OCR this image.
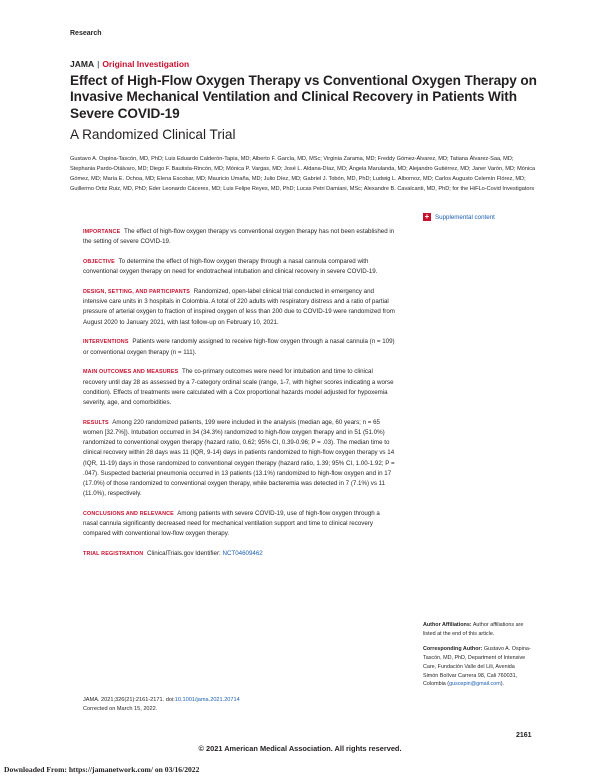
Research
JAMA | Original Investigation
Effect of High-Flow Oxygen Therapy vs Conventional Oxygen Therapy on Invasive Mechanical Ventilation and Clinical Recovery in Patients With Severe COVID-19
A Randomized Clinical Trial

Gustavo A. Ospina-Tascón, MD, PhD; Luis Eduardo Calderón-Tapia, MD; Alberto F. García, MD, MSc; Virginia Zarama, MD; Freddy Gómez-Álvarez, MD; Tatiana Álvarez-Saa, MD; Stephania Pardo-Otálvaro, MD; Diego F. Bautista-Rincón, MD; Mónica P. Vargas, MD; José L. Aldana-Díaz, MD; Ángela Marulanda, MD; Alejandro Gutiérrez, MD; Janer Varón, MD; Mónica Gómez, MD; María E. Ochoa, MD; Elena Escobar, MD; Mauricio Umaña, MD; Julio Díez, MD; Gabriel J. Tobón, MD, PhD; Ludwig L. Albornoz, MD; Carlos Augusto Celemín Flórez, MD; Guillermo Ortiz Ruiz, MD, PhD; Eder Leonardo Cáceres, MD; Luis Felipe Reyes, MD, PhD; Lucas Petri Damiani, MSc; Alexandre B. Cavalcanti, MD, PhD; for the HiFLo-Covid Investigators

+ Supplemental content

IMPORTANCE The effect of high-flow oxygen therapy vs conventional oxygen therapy has not been established in the setting of severe COVID-19.

OBJECTIVE To determine the effect of high-flow oxygen therapy through a nasal cannula compared with conventional oxygen therapy on need for endotracheal intubation and clinical recovery in severe COVID-19.

DESIGN, SETTING, AND PARTICIPANTS Randomized, open-label clinical trial conducted in emergency and intensive care units in 3 hospitals in Colombia. A total of 220 adults with respiratory distress and a ratio of partial pressure of arterial oxygen to fraction of inspired oxygen of less than 200 due to COVID-19 were randomized from August 2020 to January 2021, with last follow-up on February 10, 2021.

INTERVENTIONS Patients were randomly assigned to receive high-flow oxygen through a nasal cannula (n = 109) or conventional oxygen therapy (n = 111).

MAIN OUTCOMES AND MEASURES The co-primary outcomes were need for intubation and time to clinical recovery until day 28 as assessed by a 7-category ordinal scale (range, 1-7, with higher scores indicating a worse condition). Effects of treatments were calculated with a Cox proportional hazards model adjusted for hypoxemia severity, age, and comorbidities.

RESULTS Among 220 randomized patients, 199 were included in the analysis (median age, 60 years; n = 65 women [32.7%]). Intubation occurred in 34 (34.3%) randomized to high-flow oxygen therapy and in 51 (51.0%) randomized to conventional oxygen therapy (hazard ratio, 0.62; 95% CI, 0.39-0.96; P = .03). The median time to clinical recovery within 28 days was 11 (IQR, 9-14) days in patients randomized to high-flow oxygen therapy vs 14 (IQR, 11-19) days in those randomized to conventional oxygen therapy (hazard ratio, 1.39; 95% CI, 1.00-1.92; P = .047). Suspected bacterial pneumonia occurred in 13 patients (13.1%) randomized to high-flow oxygen and in 17 (17.0%) of those randomized to conventional oxygen therapy, while bacteremia was detected in 7 (7.1%) vs 11 (11.0%), respectively.

CONCLUSIONS AND RELEVANCE Among patients with severe COVID-19, use of high-flow oxygen through a nasal cannula significantly decreased need for mechanical ventilation support and time to clinical recovery compared with conventional low-flow oxygen therapy.

TRIAL REGISTRATION ClinicalTrials.gov Identifier: NCT04609462

Author Affiliations: Author affiliations are listed at the end of this article.

Corresponding Author: Gustavo A. Ospina-Tascón, MD, PhD, Department of Intensive Care, Fundación Valle del Lili, Avenida Simón Bolívar Carrera 98, Cali 760031, Colombia (gusospin@gmail.com).

JAMA. 2021;326(21):2161-2171. doi:10.1001/jama.2021.20714
Corrected on March 15, 2022.
2161
© 2021 American Medical Association. All rights reserved.
Downloaded From: https://jamanetwork.com/ on 03/16/2022
